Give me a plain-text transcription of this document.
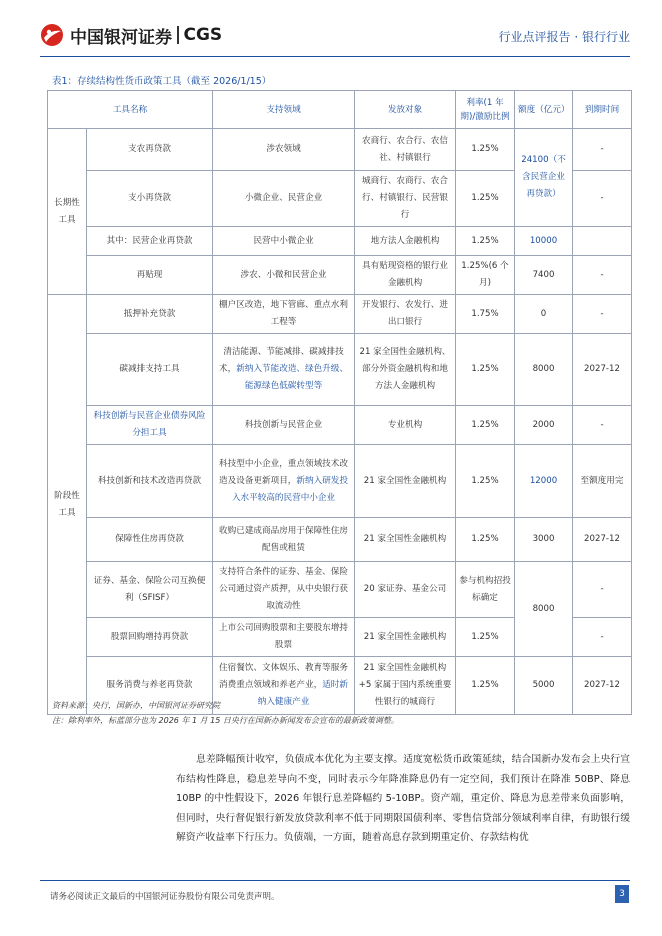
中国银河证券 CGS	行业点评报告 · 银行行业
表1：存续结构性货币政策工具（截至 2026/1/15）
工具名称		支持领域	发放对象	利率(1 年期)/激励比例	额度（亿元）	到期时间
长期性工具	支农再贷款	涉农领域	农商行、农合行、农信社、村镇银行	1.25%	24100（不含民营企业再贷款）	-
	支小再贷款	小微企业、民营企业	城商行、农商行、农合行、村镇银行、民营银行	1.25%		-
	其中：民营企业再贷款	民营中小微企业	地方法人金融机构	1.25%	10000	
	再贴现	涉农、小微和民营企业	具有贴现资格的银行业金融机构	1.25%(6 个月)	7400	-
阶段性工具	抵押补充贷款	棚户区改造，地下管廊、重点水利工程等	开发银行、农发行、进出口银行	1.75%	0	-
	碳减排支持工具	清洁能源、节能减排、碳减排技术，新纳入节能改造、绿色升级、能源绿色低碳转型等	21 家全国性金融机构、部分外资金融机构和地方法人金融机构	1.25%	8000	2027-12
	科技创新与民营企业债券风险分担工具	科技创新与民营企业	专业机构	1.25%	2000	-
	科技创新和技术改造再贷款	科技型中小企业，重点领域技术改造及设备更新项目，新纳入研发投入水平较高的民营中小企业	21 家全国性金融机构	1.25%	12000	至额度用完
	保障性住房再贷款	收购已建成商品房用于保障性住房配售或租赁	21 家全国性金融机构	1.25%	3000	2027-12
	证券、基金、保险公司互换便利（SFISF）	支持符合条件的证券、基金、保险公司通过资产质押，从中央银行获取流动性	20 家证券、基金公司	参与机构招投标确定	8000	-
	股票回购增持再贷款	上市公司回购股票和主要股东增持股票	21 家全国性金融机构	1.25%		-
	服务消费与养老再贷款	住宿餐饮、文体娱乐、教育等服务消费重点领域和养老产业，适时新纳入健康产业	21 家全国性金融机构+5 家属于国内系统重要性银行的城商行	1.25%	5000	2027-12
资料来源：央行，国新办，中国银河证券研究院
注：除利率外，标蓝部分也为 2026 年 1 月 15 日央行在国新办新闻发布会宣布的最新政策调整。
息差降幅预计收窄，负债成本优化为主要支撑。适度宽松货币政策延续，结合国新办发布会上央行宣布结构性降息，稳息差导向不变，同时表示今年降准降息仍有一定空间，我们预计在降准 50BP、降息 10BP 的中性假设下，2026 年银行息差降幅约 5-10BP。资产端，重定价、降息为息差带来负面影响，但同时，央行督促银行新发放贷款利率不低于同期限国债利率、零售信贷部分领域利率自律，有助银行缓解资产收益率下行压力。负债端，一方面，随着高息存款到期重定价、存款结构优
请务必阅读正文最后的中国银河证券股份有限公司免责声明。	3
